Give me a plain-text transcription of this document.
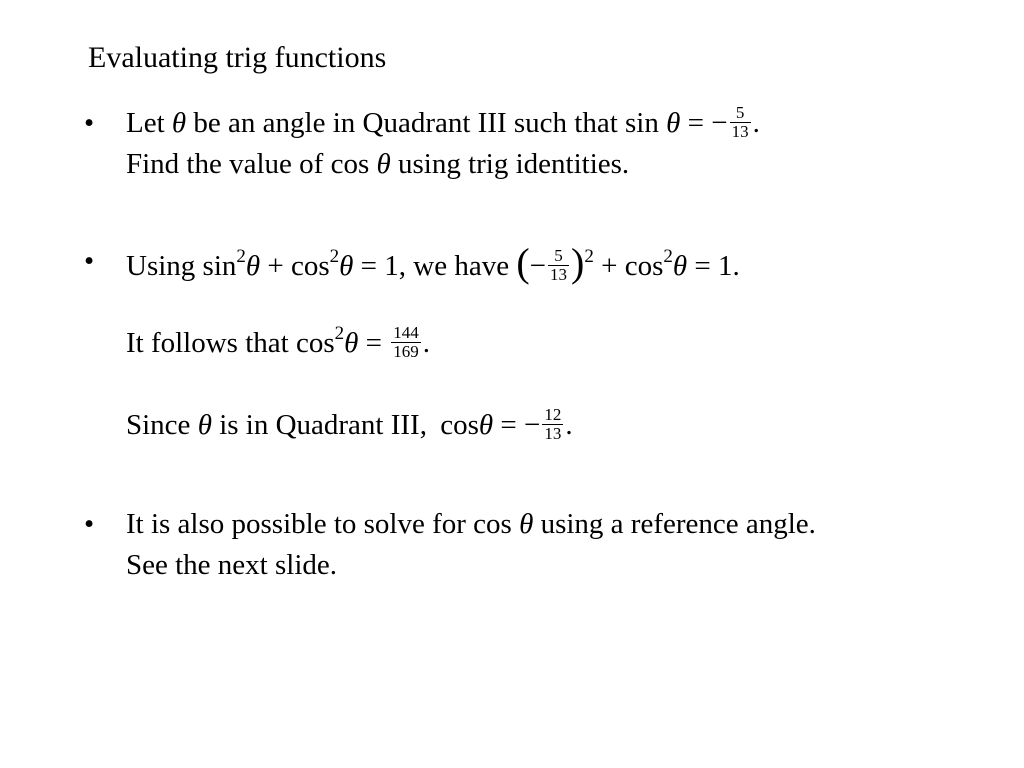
Evaluating trig functions
• Let θ be an angle in Quadrant III such that sin θ = − $\frac{5}{13}$ .
Find the value of cos θ using trig identities.
• Using $\sin^2\theta + \cos^2\theta = 1$, we have (− $\frac{5}{13} )^2 + \cos^2\theta = 1$.
It follows that $\cos^2\theta = \frac{144}{169}$ .
Since θ is in Quadrant III, cosθ = − $\frac{12}{13}$ .
• It is also possible to solve for cos θ using a reference angle.
See the next slide.
